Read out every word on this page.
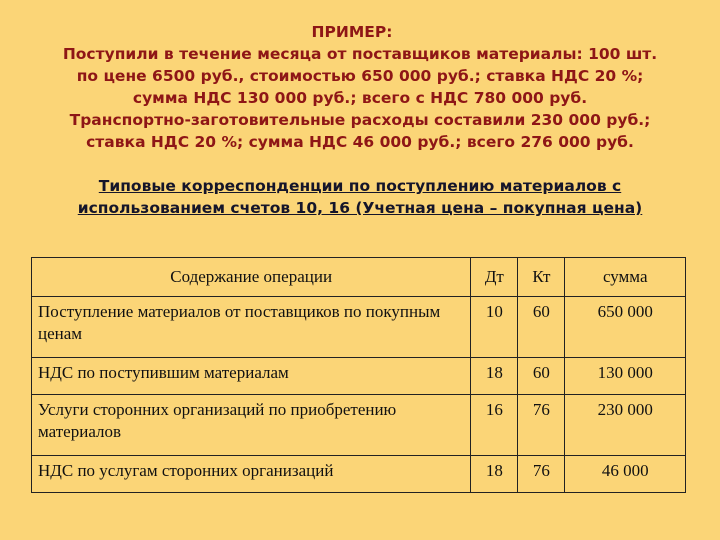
ПРИМЕР:
Поступили в течение месяца от поставщиков материалы: 100 шт.
по цене 6500 руб., стоимостью 650 000 руб.; ставка НДС 20 %;
сумма НДС 130 000 руб.; всего с НДС 780 000 руб.
Транспортно-заготовительные расходы составили 230 000 руб.;
ставка НДС 20 %; сумма НДС 46 000 руб.; всего 276 000 руб.
Типовые корреспонденции по поступлению материалов с
использованием счетов 10, 16 (Учетная цена – покупная цена)
Содержание операции	Дт	Кт	сумма
Поступление материалов от поставщиков по покупным ценам	10	60	650 000
НДС по поступившим материалам	18	60	130 000
Услуги сторонних организаций по приобретению материалов	16	76	230 000
НДС по услугам сторонних организаций	18	76	46 000
